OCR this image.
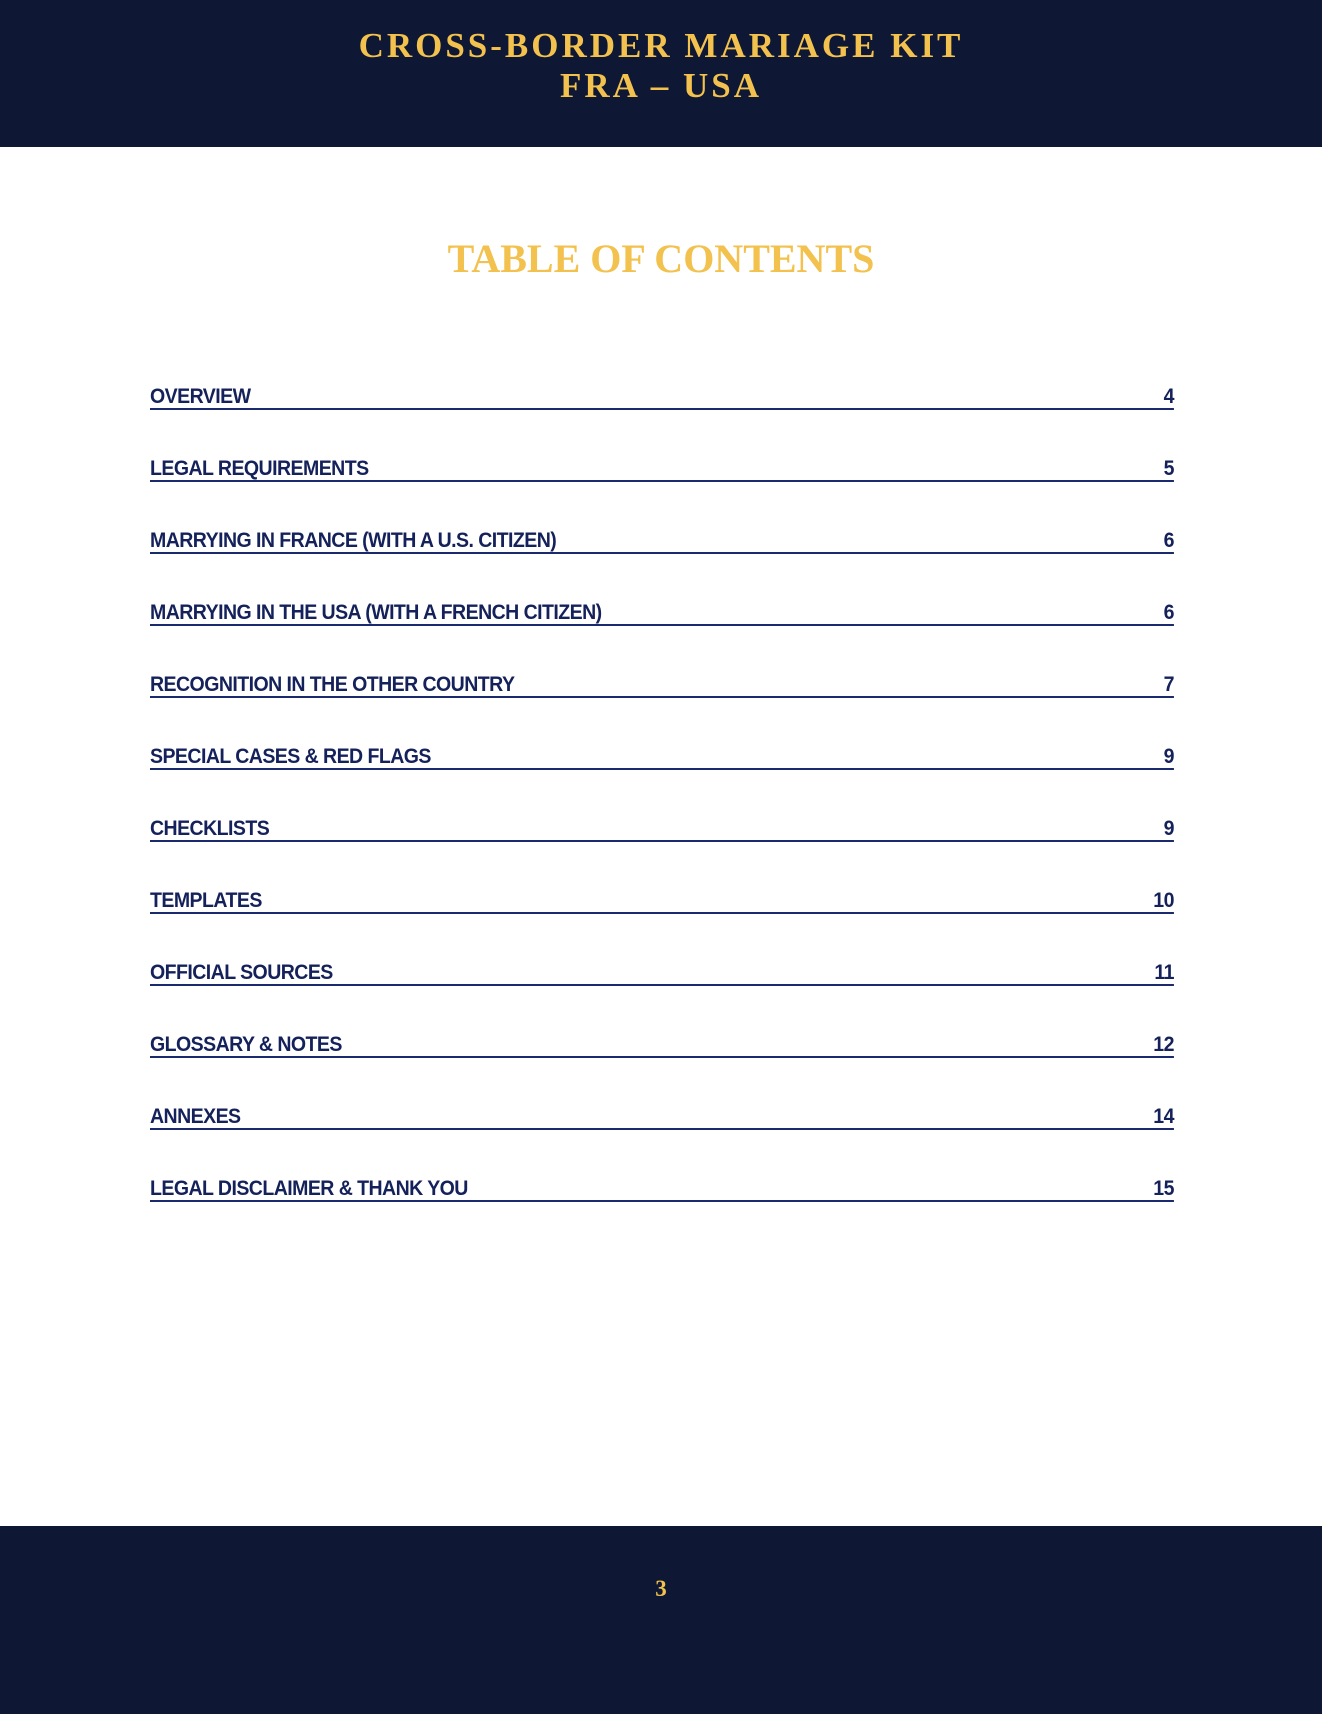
CROSS-BORDER MARIAGE KIT
FRA – USA
TABLE OF CONTENTS
OVERVIEW	4
LEGAL REQUIREMENTS	5
MARRYING IN FRANCE (WITH A U.S. CITIZEN)	6
MARRYING IN THE USA (WITH A FRENCH CITIZEN)	6
RECOGNITION IN THE OTHER COUNTRY	7
SPECIAL CASES & RED FLAGS	9
CHECKLISTS	9
TEMPLATES	10
OFFICIAL SOURCES	11
GLOSSARY & NOTES	12
ANNEXES	14
LEGAL DISCLAIMER & THANK YOU	15
3
